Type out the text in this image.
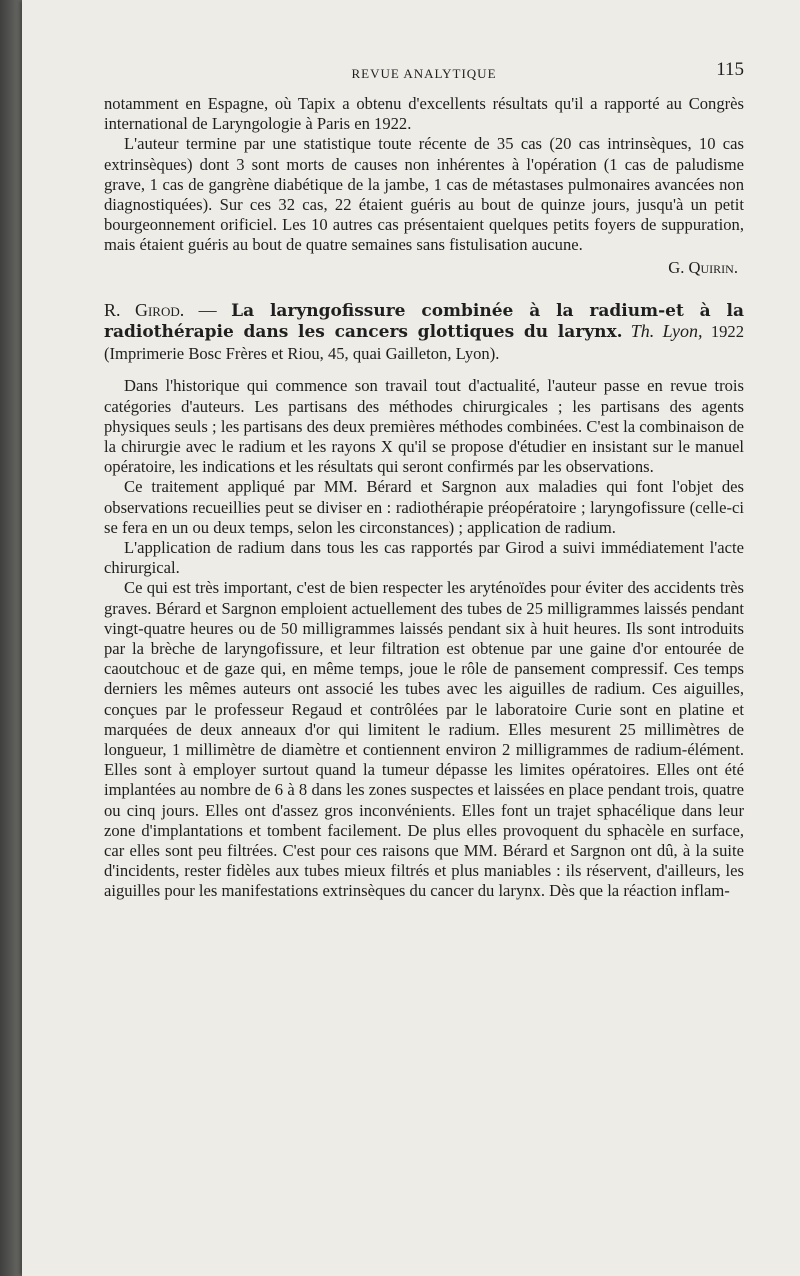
REVUE ANALYTIQUE	115

notamment en Espagne, où Tapix a obtenu d'excellents résultats qu'il a rapporté au Congrès international de Laryngologie à Paris en 1922.

L'auteur termine par une statistique toute récente de 35 cas (20 cas intrinsèques, 10 cas extrinsèques) dont 3 sont morts de causes non inhérentes à l'opération (1 cas de paludisme grave, 1 cas de gangrène diabétique de la jambe, 1 cas de métastases pulmonaires avancées non diagnostiquées). Sur ces 32 cas, 22 étaient guéris au bout de quinze jours, jusqu'à un petit bourgeonnement orificiel. Les 10 autres cas présentaient quelques petits foyers de suppuration, mais étaient guéris au bout de quatre semaines sans fistulisation aucune.

G. Quirin.

R. Girod. — La laryngofissure combinée à la radium-et à la radiothérapie dans les cancers glottiques du larynx. Th. Lyon, 1922 (Imprimerie Bosc Frères et Riou, 45, quai Gailleton, Lyon).

Dans l'historique qui commence son travail tout d'actualité, l'auteur passe en revue trois catégories d'auteurs. Les partisans des méthodes chirurgicales ; les partisans des agents physiques seuls ; les partisans des deux premières méthodes combinées. C'est la combinaison de la chirurgie avec le radium et les rayons X qu'il se propose d'étudier en insistant sur le manuel opératoire, les indications et les résultats qui seront confirmés par les observations.

Ce traitement appliqué par MM. Bérard et Sargnon aux maladies qui font l'objet des observations recueillies peut se diviser en : radiothérapie préopératoire ; laryngofissure (celle-ci se fera en un ou deux temps, selon les circonstances) ; application de radium.

L'application de radium dans tous les cas rapportés par Girod a suivi immédiatement l'acte chirurgical.

Ce qui est très important, c'est de bien respecter les aryténoïdes pour éviter des accidents très graves. Bérard et Sargnon emploient actuellement des tubes de 25 milligrammes laissés pendant vingt-quatre heures ou de 50 milligrammes laissés pendant six à huit heures. Ils sont introduits par la brèche de laryngofissure, et leur filtration est obtenue par une gaine d'or entourée de caoutchouc et de gaze qui, en même temps, joue le rôle de pansement compressif. Ces temps derniers les mêmes auteurs ont associé les tubes avec les aiguilles de radium. Ces aiguilles, conçues par le professeur Regaud et contrôlées par le laboratoire Curie sont en platine et marquées de deux anneaux d'or qui limitent le radium. Elles mesurent 25 millimètres de longueur, 1 millimètre de diamètre et contiennent environ 2 milligrammes de radium-élément. Elles sont à employer surtout quand la tumeur dépasse les limites opératoires. Elles ont été implantées au nombre de 6 à 8 dans les zones suspectes et laissées en place pendant trois, quatre ou cinq jours. Elles ont d'assez gros inconvénients. Elles font un trajet sphacélique dans leur zone d'implantations et tombent facilement. De plus elles provoquent du sphacèle en surface, car elles sont peu filtrées. C'est pour ces raisons que MM. Bérard et Sargnon ont dû, à la suite d'incidents, rester fidèles aux tubes mieux filtrés et plus maniables : ils réservent, d'ailleurs, les aiguilles pour les manifestations extrinsèques du cancer du larynx. Dès que la réaction inflam-
